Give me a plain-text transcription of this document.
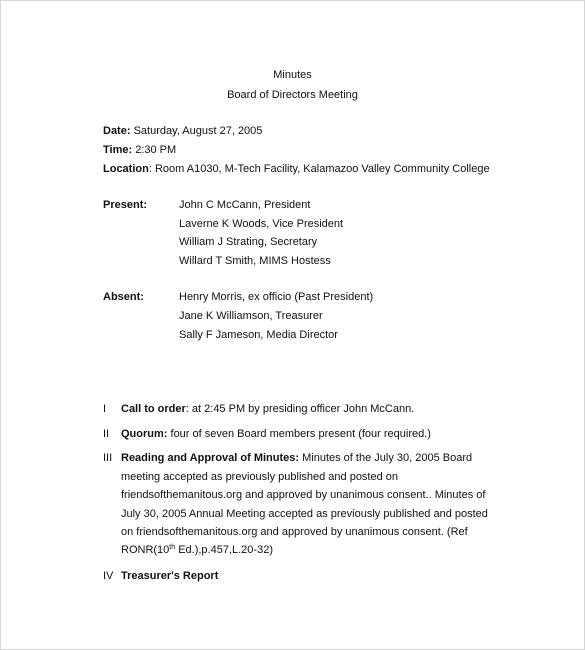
Minutes
Board of Directors Meeting
Date: Saturday, August 27, 2005
Time: 2:30 PM
Location: Room A1030, M-Tech Facility, Kalamazoo Valley Community College
Present:	John C McCann, President
Laverne K Woods, Vice President
William J Strating, Secretary
Willard T Smith, MIMS Hostess
Absent:	Henry Morris, ex officio (Past President)
Jane K Williamson, Treasurer
Sally F Jameson, Media Director
I Call to order: at 2:45 PM by presiding officer John McCann.
II Quorum: four of seven Board members present (four required.)
III Reading and Approval of Minutes: Minutes of the July 30, 2005 Board
meeting accepted as previously published and posted on
friendsofthemanitous.org and approved by unanimous consent.. Minutes of
July 30, 2005 Annual Meeting accepted as previously published and posted
on friendsofthemanitous.org and approved by unanimous consent. (Ref
RONR(10th Ed.),p.457,L.20-32)
IV Treasurer's Report
